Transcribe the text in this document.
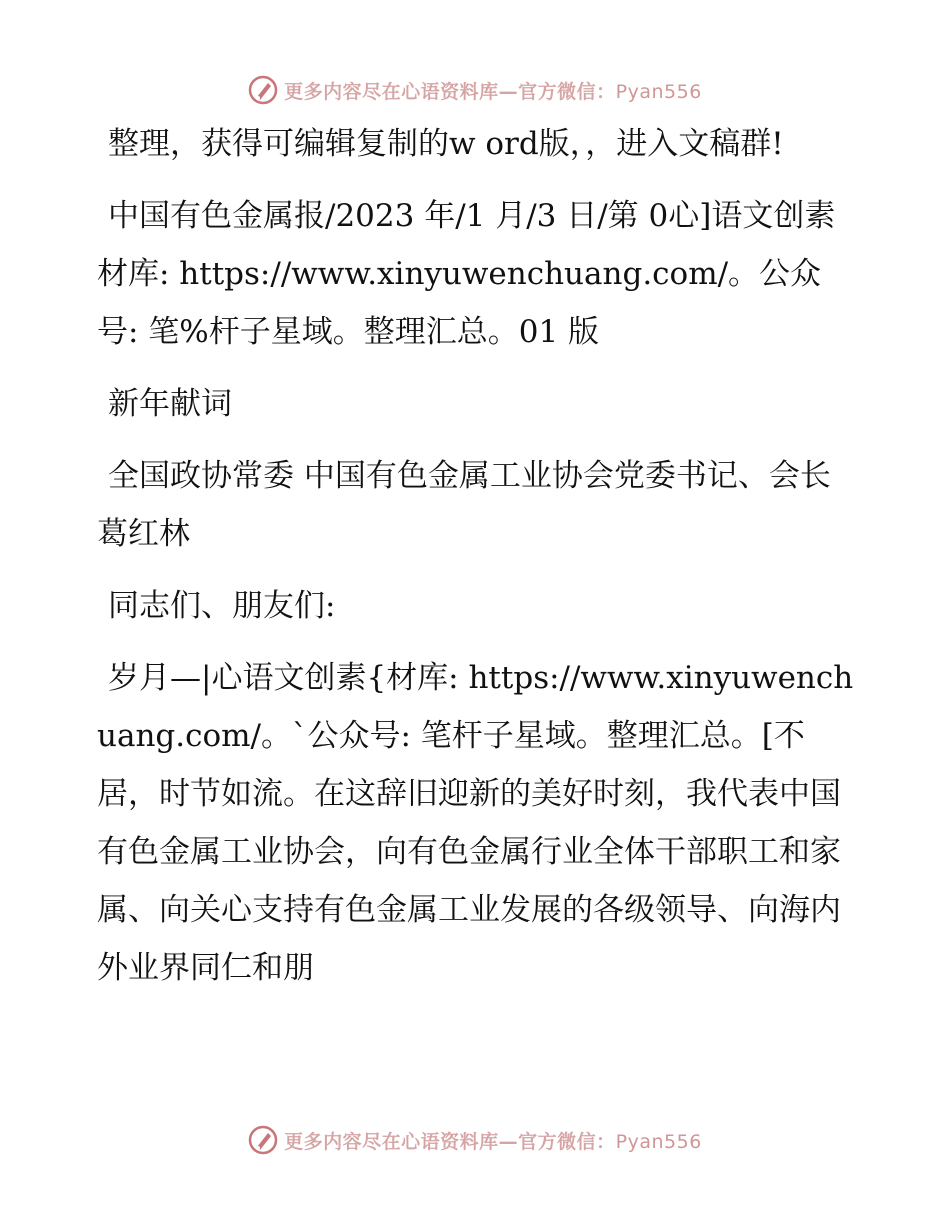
更多内容尽在心语资料库—官方微信：Pyan556

整理，获得可编辑复制的w ord版，，进入文稿群!

中国有色金属报/2023 年/1 月/3 日/第 0心]语文创素材库: https://www.xinyuwenchuang.com/。公众号: 笔%杆子星域。整理汇总。01 版

新年献词

全国政协常委 中国有色金属工业协会党委书记、会长 葛红林

同志们、朋友们:

岁月—|心语文创素{材库: https://www.xinyuwenchuang.com/。`公众号: 笔杆子星域。整理汇总。[不居，时节如流。在这辞旧迎新的美好时刻，我代表中国有色金属工业协会，向有色金属行业全体干部职工和家属、向关心支持有色金属工业发展的各级领导、向海内外业界同仁和朋

更多内容尽在心语资料库—官方微信：Pyan556
